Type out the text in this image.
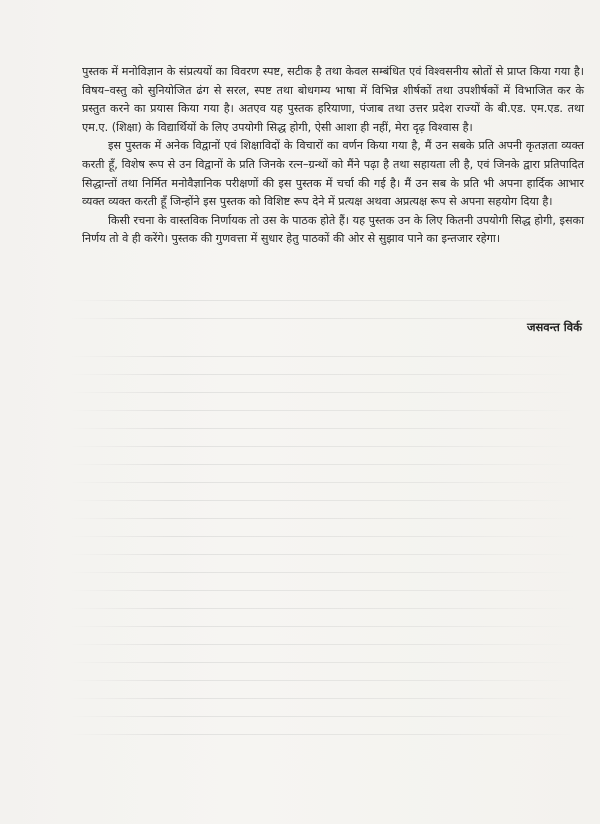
पुस्तक में मनोविज्ञान के संप्रत्ययों का विवरण स्पष्ट, सटीक है तथा केवल सम्बंधित एवं विश्वसनीय स्रोतों से प्राप्त किया गया है। विषय–वस्तु को सुनियोजित ढंग से सरल, स्पष्ट तथा बोधगम्य भाषा में विभिन्न शीर्षकों तथा उपशीर्षकों में विभाजित कर के प्रस्तुत करने का प्रयास किया गया है। अतएव यह पुस्तक हरियाणा, पंजाब तथा उत्तर प्रदेश राज्यों के बी.एड. एम.एड. तथा एम.ए. (शिक्षा) के विद्यार्थियों के लिए उपयोगी सिद्ध होगी, ऐसी आशा ही नहीं, मेरा दृढ़ विश्वास है।

इस पुस्तक में अनेक विद्वानों एवं शिक्षाविदों के विचारों का वर्णन किया गया है, मैं उन सबके प्रति अपनी कृतज्ञता व्यक्त करती हूँ, विशेष रूप से उन विद्वानों के प्रति जिनके रत्न–ग्रन्थों को मैंने पढ़ा है तथा सहायता ली है, एवं जिनके द्वारा प्रतिपादित सिद्धान्तों तथा निर्मित मनोवैज्ञानिक परीक्षणों की इस पुस्तक में चर्चा की गई है। मैं उन सब के प्रति भी अपना हार्दिक आभार व्यक्त व्यक्त करती हूँ जिन्होंने इस पुस्तक को विशिष्ट रूप देने में प्रत्यक्ष अथवा अप्रत्यक्ष रूप से अपना सहयोग दिया है।

किसी रचना के वास्तविक निर्णायक तो उस के पाठक होते हैं। यह पुस्तक उन के लिए कितनी उपयोगी सिद्ध होगी, इसका निर्णय तो वे ही करेंगे। पुस्तक की गुणवत्ता में सुधार हेतु पाठकों की ओर से सुझाव पाने का इन्तजार रहेगा।

जसवन्त विर्क
